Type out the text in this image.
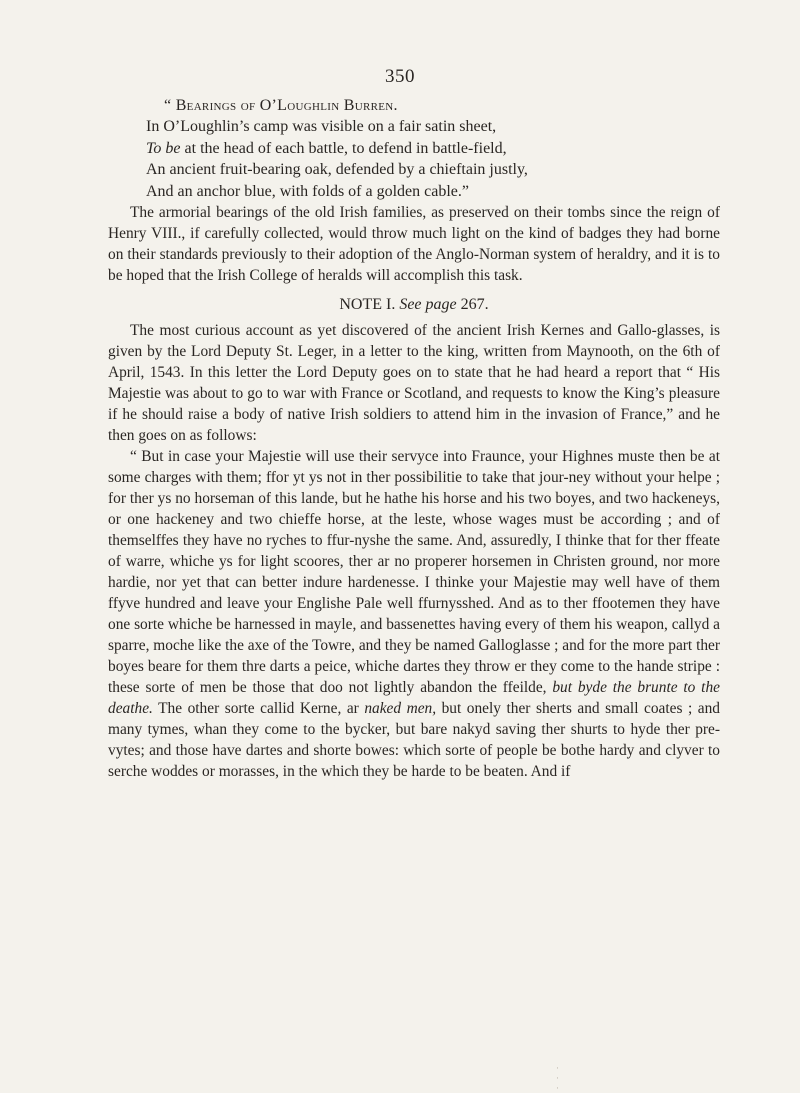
350
“ Bearings of O’Loughlin Burren.
In O’Loughlin’s camp was visible on a fair satin sheet,
To be at the head of each battle, to defend in battle-field,
An ancient fruit-bearing oak, defended by a chieftain justly,
And an anchor blue, with folds of a golden cable.”

The armorial bearings of the old Irish families, as preserved on their tombs since the reign of Henry VIII., if carefully collected, would throw much light on the kind of badges they had borne on their standards previously to their adoption of the Anglo-Norman system of heraldry, and it is to be hoped that the Irish College of heralds will accomplish this task.

NOTE I. See page 267.

The most curious account as yet discovered of the ancient Irish Kernes and Gallo-glasses, is given by the Lord Deputy St. Leger, in a letter to the king, written from Maynooth, on the 6th of April, 1543. In this letter the Lord Deputy goes on to state that he had heard a report that “ His Majestie was about to go to war with France or Scotland, and requests to know the King’s pleasure if he should raise a body of native Irish soldiers to attend him in the invasion of France,” and he then goes on as follows:

“ But in case your Majestie will use their servyce into Fraunce, your Highnes muste then be at some charges with them; ffor yt ys not in ther possibilitie to take that jour-ney without your helpe ; for ther ys no horseman of this lande, but he hathe his horse and his two boyes, and two hackeneys, or one hackeney and two chieffe horse, at the leste, whose wages must be according ; and of themselffes they have no ryches to ffur-nyshe the same. And, assuredly, I thinke that for ther ffeate of warre, whiche ys for light scoores, ther ar no properer horsemen in Christen ground, nor more hardie, nor yet that can better indure hardenesse. I thinke your Majestie may well have of them ffyve hundred and leave your Englishe Pale well ffurnysshed. And as to ther ffootemen they have one sorte whiche be harnessed in mayle, and bassenettes having every of them his weapon, callyd a sparre, moche like the axe of the Towre, and they be named Galloglasse ; and for the more part ther boyes beare for them thre darts a peice, whiche dartes they throw er they come to the hande stripe : these sorte of men be those that doo not lightly abandon the ffeilde, but byde the brunte to the deathe. The other sorte callid Kerne, ar naked men, but onely ther sherts and small coates ; and many tymes, whan they come to the bycker, but bare nakyd saving ther shurts to hyde ther pre-vytes; and those have dartes and shorte bowes: which sorte of people be bothe hardy and clyver to serche woddes or morasses, in the which they be harde to be beaten. And if

· · ·
